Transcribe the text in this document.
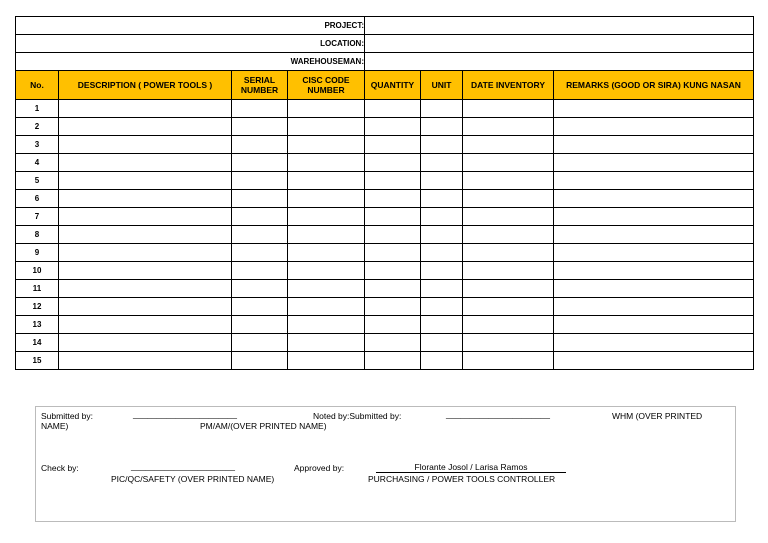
PROJECT:							
LOCATION:							
WAREHOUSEMAN:							
No.	DESCRIPTION ( POWER TOOLS )	SERIAL NUMBER	CISC CODE NUMBER	QUANTITY	UNIT	DATE INVENTORY	REMARKS (GOOD OR SIRA) KUNG NASAN
1							
2							
3							
4							
5							
6							
7							
8							
9							
10							
11							
12							
13							
14							
15							
Submitted by:	______________________
NAME)	PM/AM/(OVER PRINTED NAME)
Noted by:Submitted by:	______________________	WHM (OVER PRINTED
Check by:	______________________
PIC/QC/SAFETY (OVER PRINTED NAME)
Approved by:	Florante Josol / Larisa Ramos
PURCHASING / POWER TOOLS CONTROLLER
